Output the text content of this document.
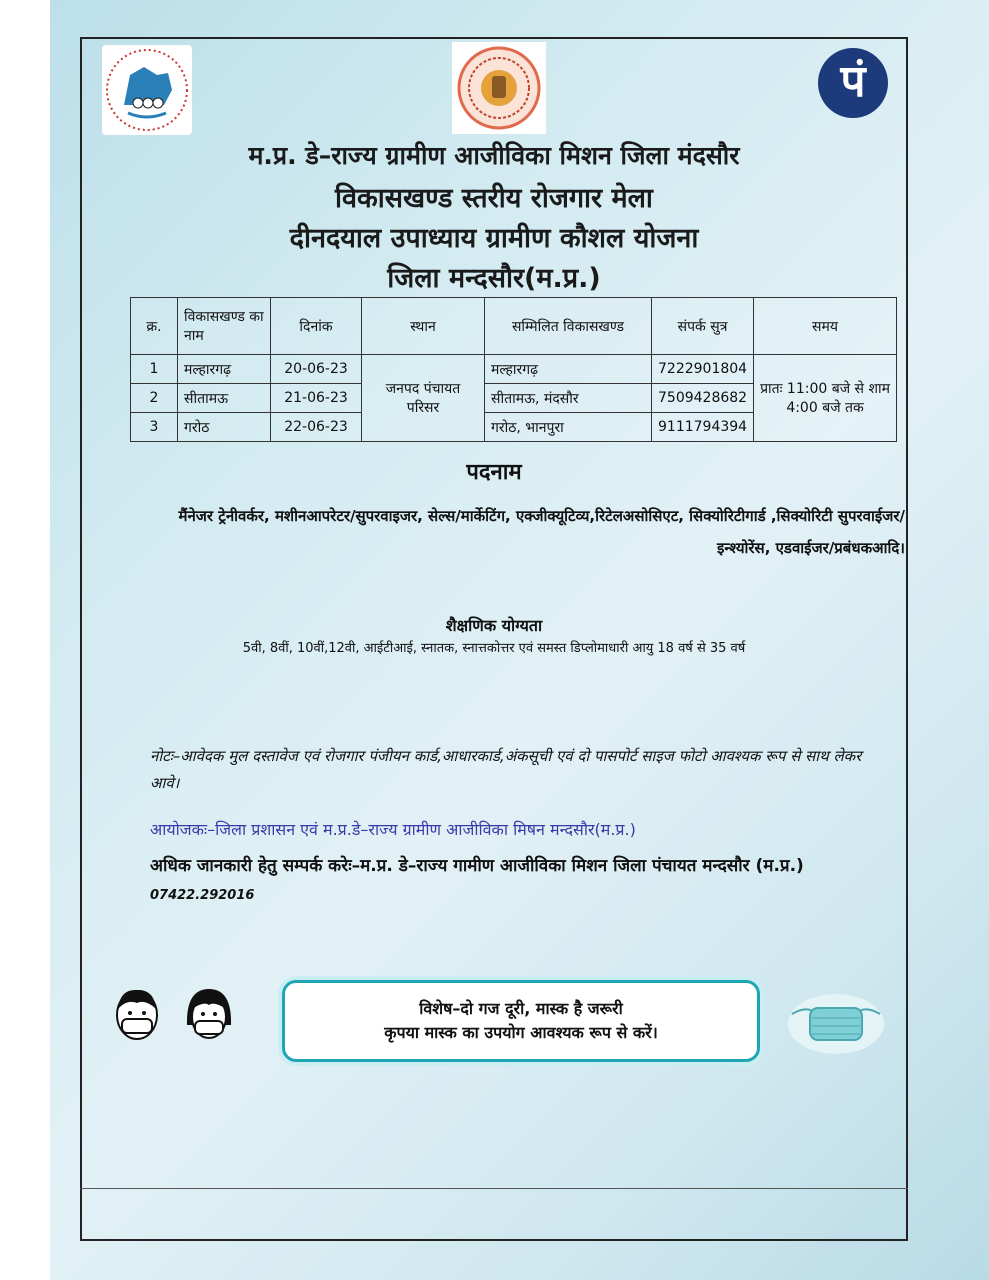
पं
म.प्र. डे–राज्य ग्रामीण आजीविका मिशन जिला मंदसौर
विकासखण्ड स्तरीय रोजगार मेला
दीनदयाल उपाध्याय ग्रामीण कौशल योजना
जिला मन्दसौर(म.प्र.)
क्र.	विकासखण्ड का नाम	दिनांक	स्थान	सम्मिलित विकासखण्ड	संपर्क सुत्र	समय
1	मल्हारगढ़	20-06-23	जनपद पंचायत परिसर	मल्हारगढ़	7222901804	प्रातः 11:00 बजे से शाम 4:00 बजे तक
2	सीतामऊ	21-06-23		सीतामऊ, मंदसौर	7509428682	
3	गरोठ	22-06-23		गरोठ, भानपुरा	9111794394	
पदनाम
मैंनेजर ट्रेनीवर्कर, मशीनआपरेटर/सुपरवाइजर, सेल्स/मार्केटिंग, एक्जीक्यूटिव्य,रिटेलअसोसिएट, सिक्योरिटीगार्ड ,सिक्योरिटी सुपरवाईजर/इन्श्योरेंस, एडवाईजर/प्रबंधकआदि।
शैक्षणिक योग्यता
5वी, 8वीं, 10वीं,12वी, आईटीआई, स्नातक, स्नात्तकोत्तर एवं समस्त डिप्लोमाधारी आयु 18 वर्ष से 35 वर्ष
नोटः–आवेदक मुल दस्तावेज एवं रोजगार पंजीयन कार्ड,आधारकार्ड,अंकसूची एवं दो पासपोर्ट साइज फोटो आवश्यक रूप से साथ लेकर आवे।
आयोजकः–जिला प्रशासन एवं म.प्र.डे–राज्य ग्रामीण आजीविका मिषन मन्दसौर(म.प्र.)
अधिक जानकारी हेतु सम्पर्क करेः–म.प्र. डे–राज्य गामीण आजीविका मिशन जिला पंचायत मन्दसौर (म.प्र.) 07422.292016
विशेष–दो गज दूरी, मास्क है जरूरी
कृपया मास्क का उपयोग आवश्यक रूप से करें।
